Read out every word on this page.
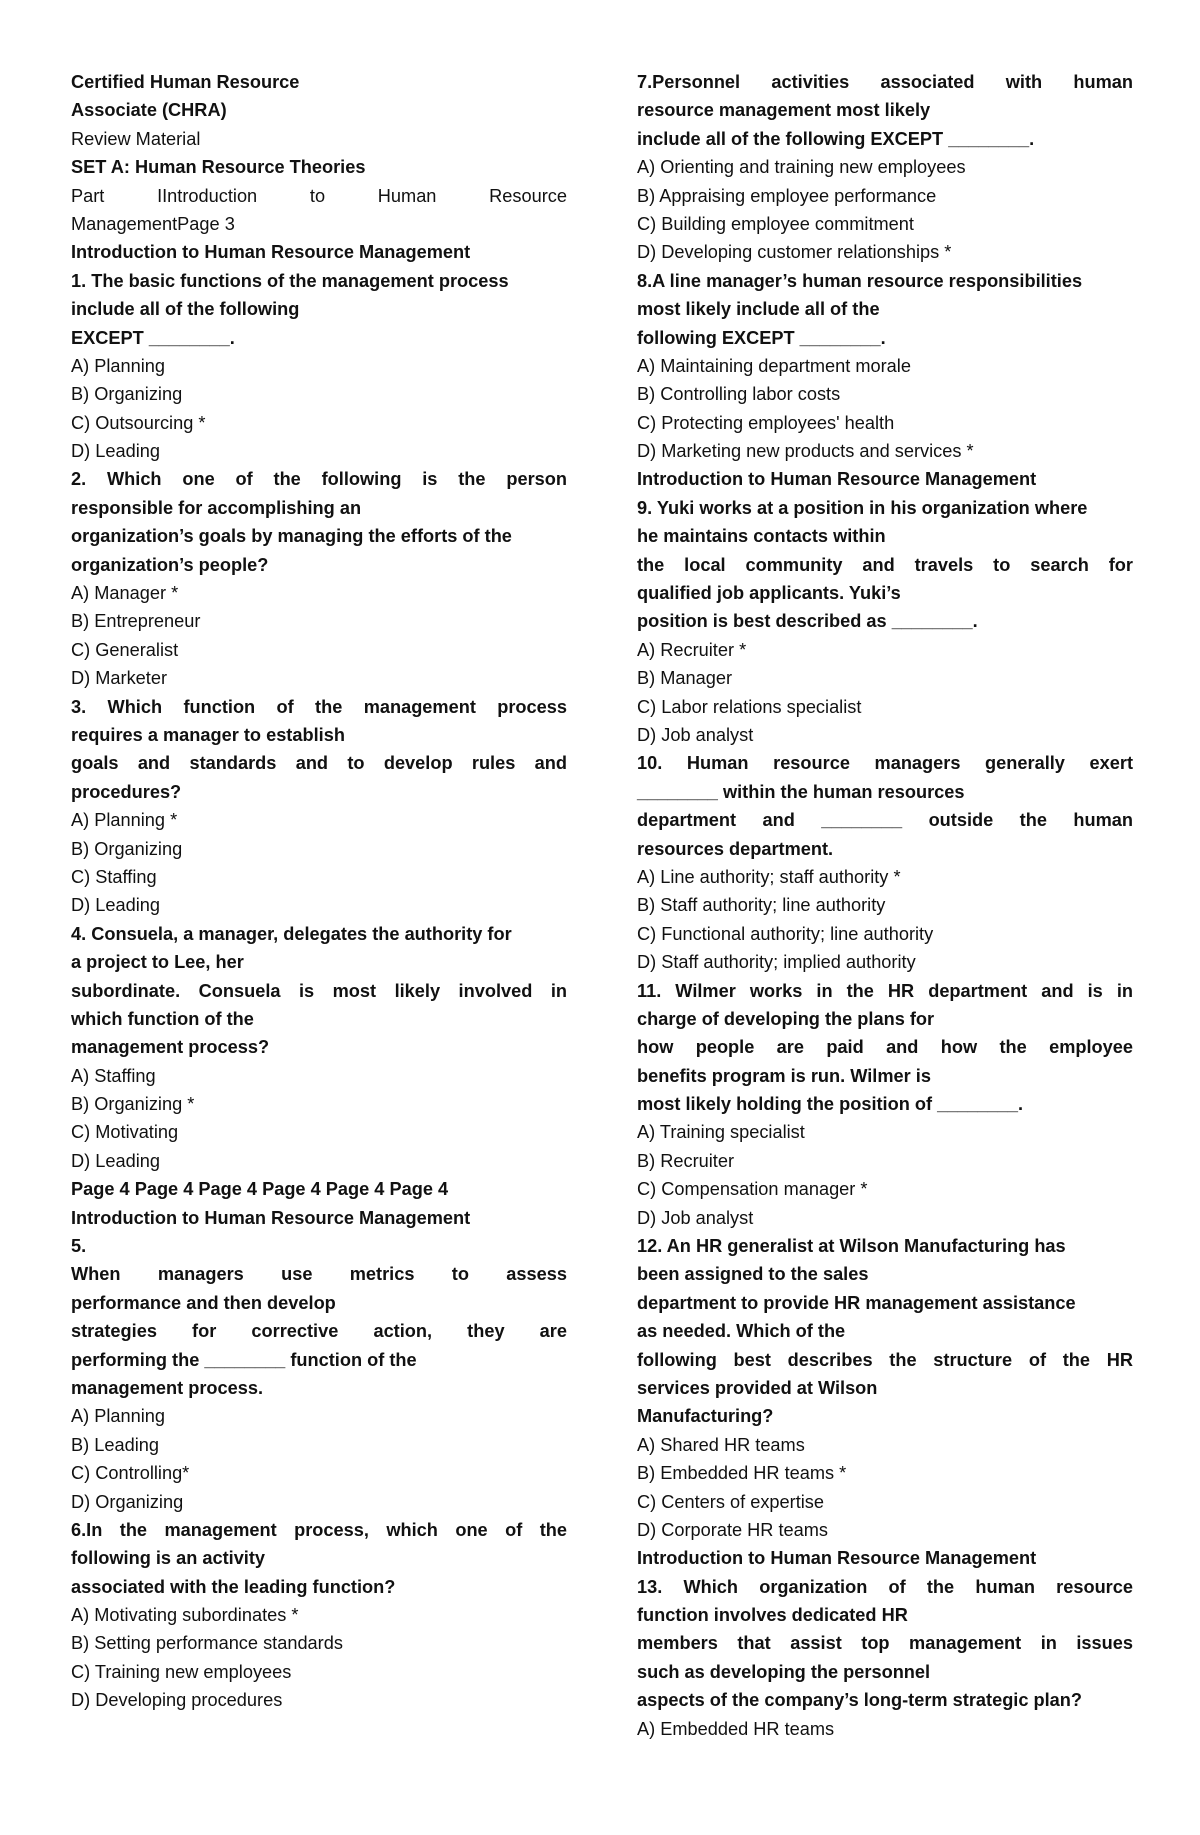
Certified Human Resource
Associate (CHRA)
Review Material
SET A: Human Resource Theories
Part IIntroduction to Human Resource
ManagementPage 3
Introduction to Human Resource Management
1. The basic functions of the management process
include all of the following
EXCEPT ________.
A) Planning
B) Organizing
C) Outsourcing *
D) Leading
2. Which one of the following is the person
responsible for accomplishing an
organization’s goals by managing the efforts of the
organization’s people?
A) Manager *
B) Entrepreneur
C) Generalist
D) Marketer
3. Which function of the management process
requires a manager to establish
goals and standards and to develop rules and
procedures?
A) Planning *
B) Organizing
C) Staffing
D) Leading
4. Consuela, a manager, delegates the authority for
a project to Lee, her
subordinate. Consuela is most likely involved in
which function of the
management process?
A) Staffing
B) Organizing *
C) Motivating
D) Leading
Page 4 Page 4 Page 4 Page 4 Page 4 Page 4
Introduction to Human Resource Management
5.
When managers use metrics to assess
performance and then develop
strategies for corrective action, they are
performing the ________ function of the
management process.
A) Planning
B) Leading
C) Controlling*
D) Organizing
6.In the management process, which one of the
following is an activity
associated with the leading function?
A) Motivating subordinates *
B) Setting performance standards
C) Training new employees
D) Developing procedures
7.Personnel activities associated with human
resource management most likely
include all of the following EXCEPT ________.
A) Orienting and training new employees
B) Appraising employee performance
C) Building employee commitment
D) Developing customer relationships *
8.A line manager’s human resource responsibilities
most likely include all of the
following EXCEPT ________.
A) Maintaining department morale
B) Controlling labor costs
C) Protecting employees' health
D) Marketing new products and services *
Introduction to Human Resource Management
9. Yuki works at a position in his organization where
he maintains contacts within
the local community and travels to search for
qualified job applicants. Yuki’s
position is best described as ________.
A) Recruiter *
B) Manager
C) Labor relations specialist
D) Job analyst
10. Human resource managers generally exert
________ within the human resources
department and ________ outside the human
resources department.
A) Line authority; staff authority *
B) Staff authority; line authority
C) Functional authority; line authority
D) Staff authority; implied authority
11. Wilmer works in the HR department and is in
charge of developing the plans for
how people are paid and how the employee
benefits program is run. Wilmer is
most likely holding the position of ________.
A) Training specialist
B) Recruiter
C) Compensation manager *
D) Job analyst
12. An HR generalist at Wilson Manufacturing has
been assigned to the sales
department to provide HR management assistance
as needed. Which of the
following best describes the structure of the HR
services provided at Wilson
Manufacturing?
A) Shared HR teams
B) Embedded HR teams *
C) Centers of expertise
D) Corporate HR teams
Introduction to Human Resource Management
13. Which organization of the human resource
function involves dedicated HR
members that assist top management in issues
such as developing the personnel
aspects of the company’s long-term strategic plan?
A) Embedded HR teams
